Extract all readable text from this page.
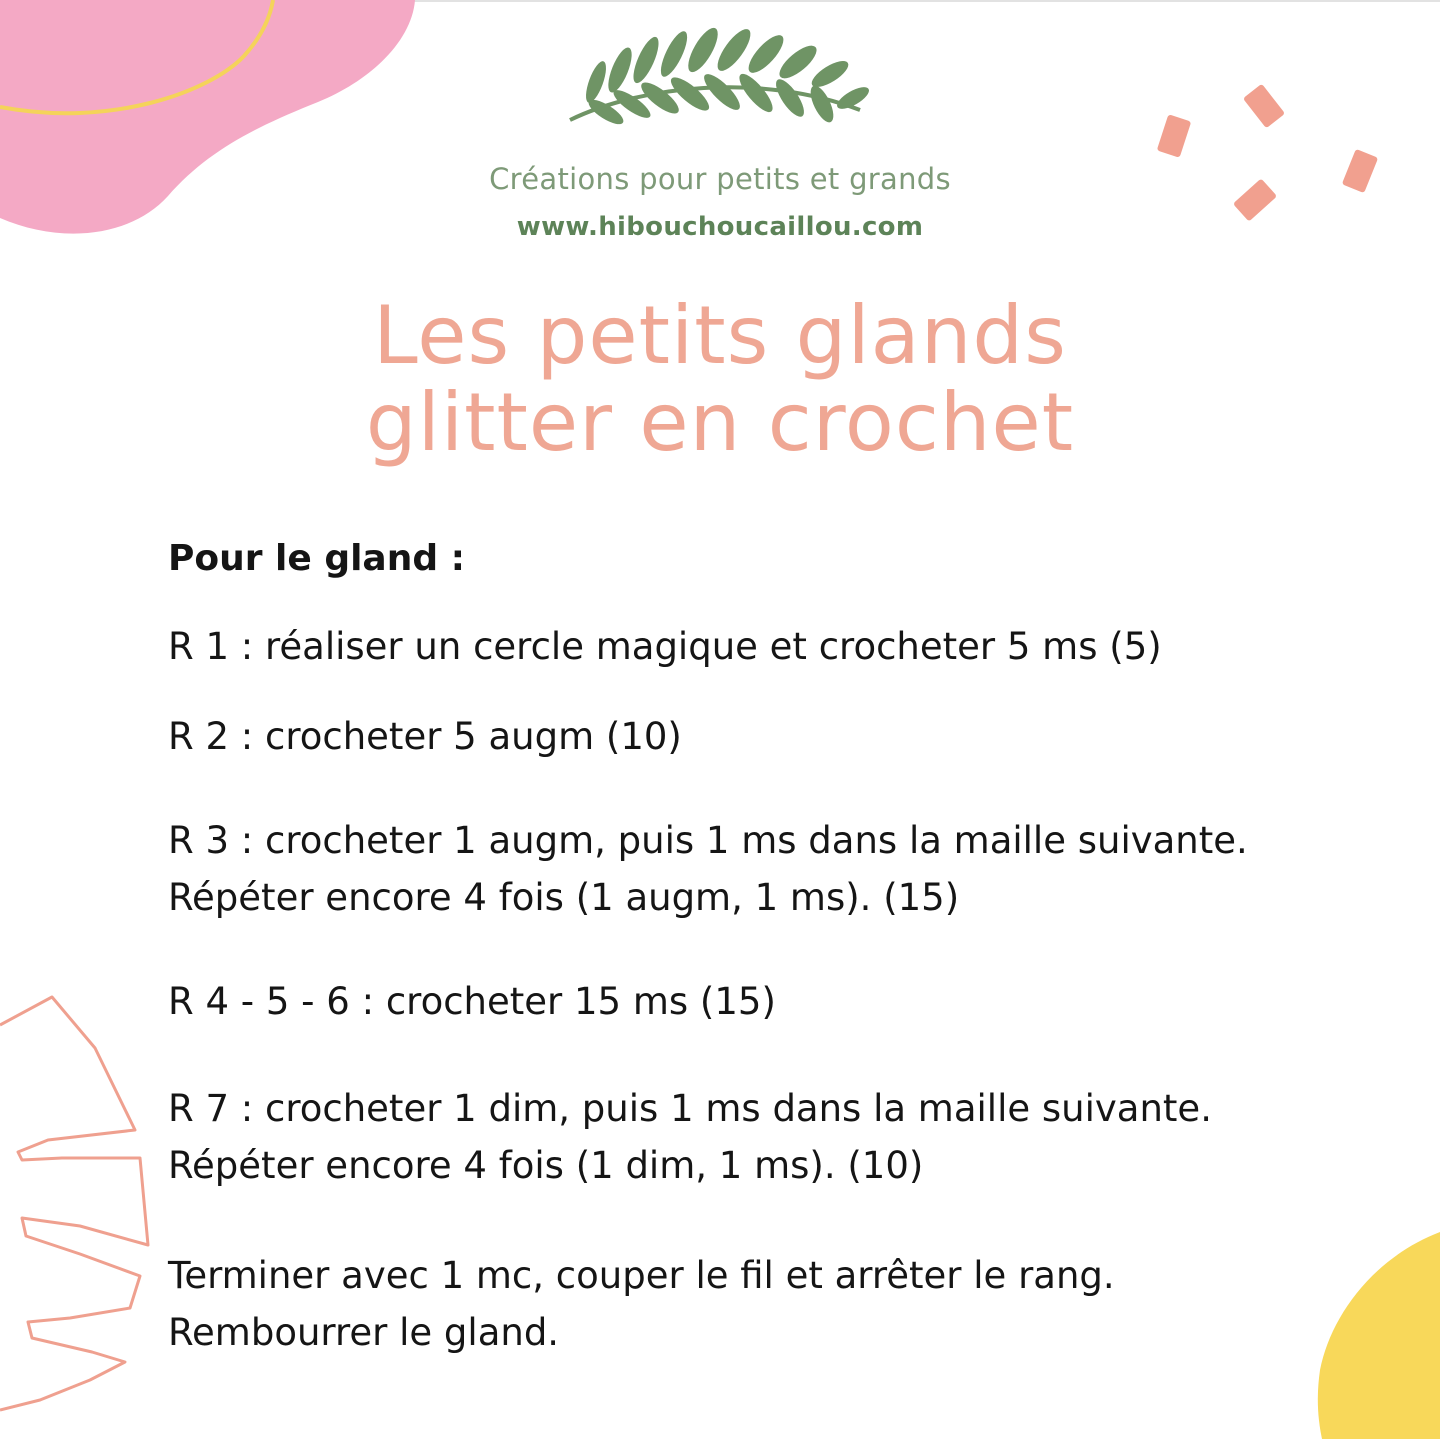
Créations pour petits et grands
www.hibouchoucaillou.com
Les petits glands
glitter en crochet
Pour le gland :
R 1 : réaliser un cercle magique et crocheter 5 ms (5)
R 2 : crocheter 5 augm (10)
R 3 : crocheter 1 augm, puis 1 ms dans la maille suivante.
Répéter encore 4 fois (1 augm, 1 ms). (15)
R 4 - 5 - 6 : crocheter 15 ms (15)
R 7 : crocheter 1 dim, puis 1 ms dans la maille suivante.
Répéter encore 4 fois (1 dim, 1 ms). (10)
Terminer avec 1 mc, couper le fil et arrêter le rang.
Rembourrer le gland.
